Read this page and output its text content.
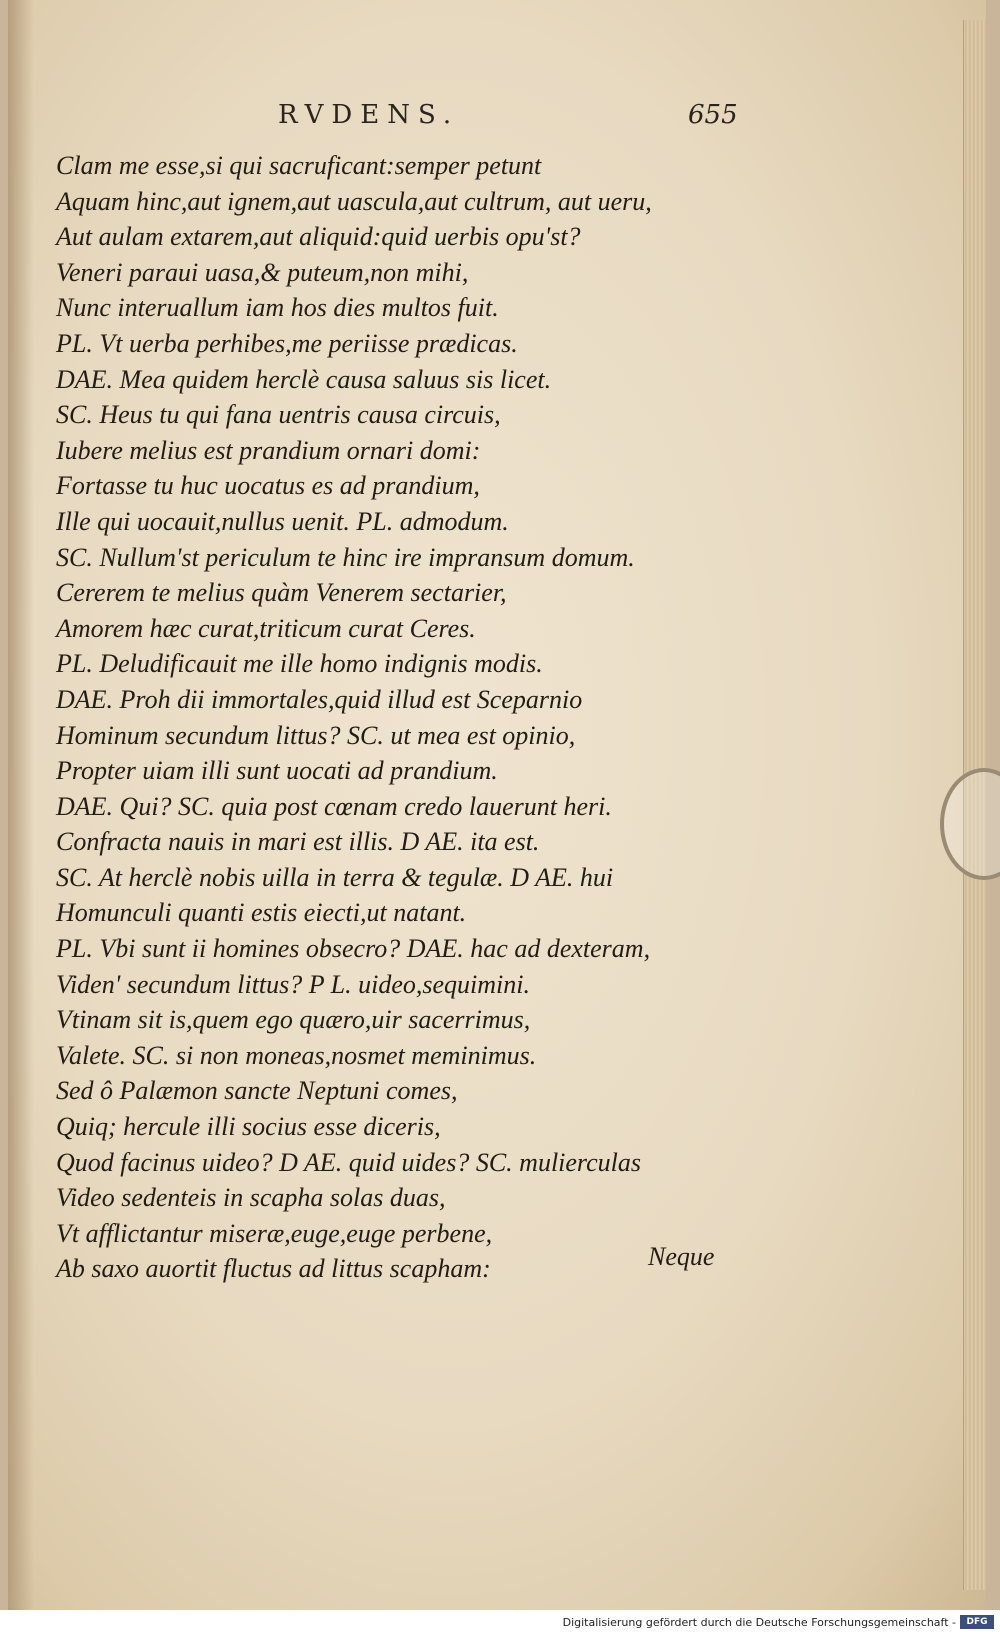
RVDENS.	655
Clam me esse,si qui sacruficant:semper petunt
Aquam hinc,aut ignem,aut uascula,aut cultrum, aut ueru,
Aut aulam extarem,aut aliquid:quid uerbis opu'st?
Veneri paraui uasa,& puteum,non mihi,
Nunc interuallum iam hos dies multos fuit.
PL. Vt uerba perhibes,me periisse prædicas.
DAE. Mea quidem herclè causa saluus sis licet.
SC. Heus tu qui fana uentris causa circuis,
Iubere melius est prandium ornari domi:
Fortasse tu huc uocatus es ad prandium,
Ille qui uocauit,nullus uenit. PL. admodum.
SC. Nullum'st periculum te hinc ire impransum domum.
Cererem te melius quàm Venerem sectarier,
Amorem hæc curat,triticum curat Ceres.
PL. Deludificauit me ille homo indignis modis.
DAE. Proh dii immortales,quid illud est Sceparnio
Hominum secundum littus? SC. ut mea est opinio,
Propter uiam illi sunt uocati ad prandium.
DAE. Qui? SC. quia post cœnam credo lauerunt heri.
Confracta nauis in mari est illis. D AE. ita est.
SC. At herclè nobis uilla in terra & tegulæ. D AE. hui
Homunculi quanti estis eiecti,ut natant.
PL. Vbi sunt ii homines obsecro? DAE. hac ad dexteram,
Viden' secundum littus? P L. uideo,sequimini.
Vtinam sit is,quem ego quæro,uir sacerrimus,
Valete. SC. si non moneas,nosmet meminimus.
Sed ô Palæmon sancte Neptuni comes,
Quiq; hercule illi socius esse diceris,
Quod facinus uideo? D AE. quid uides? SC. mulierculas
Video sedenteis in scapha solas duas,
Vt afflictantur miseræ,euge,euge perbene,
Ab saxo auortit fluctus ad littus scapham:	Neque
Digitalisierung gefördert durch die Deutsche Forschungsgemeinschaft -	DFG
